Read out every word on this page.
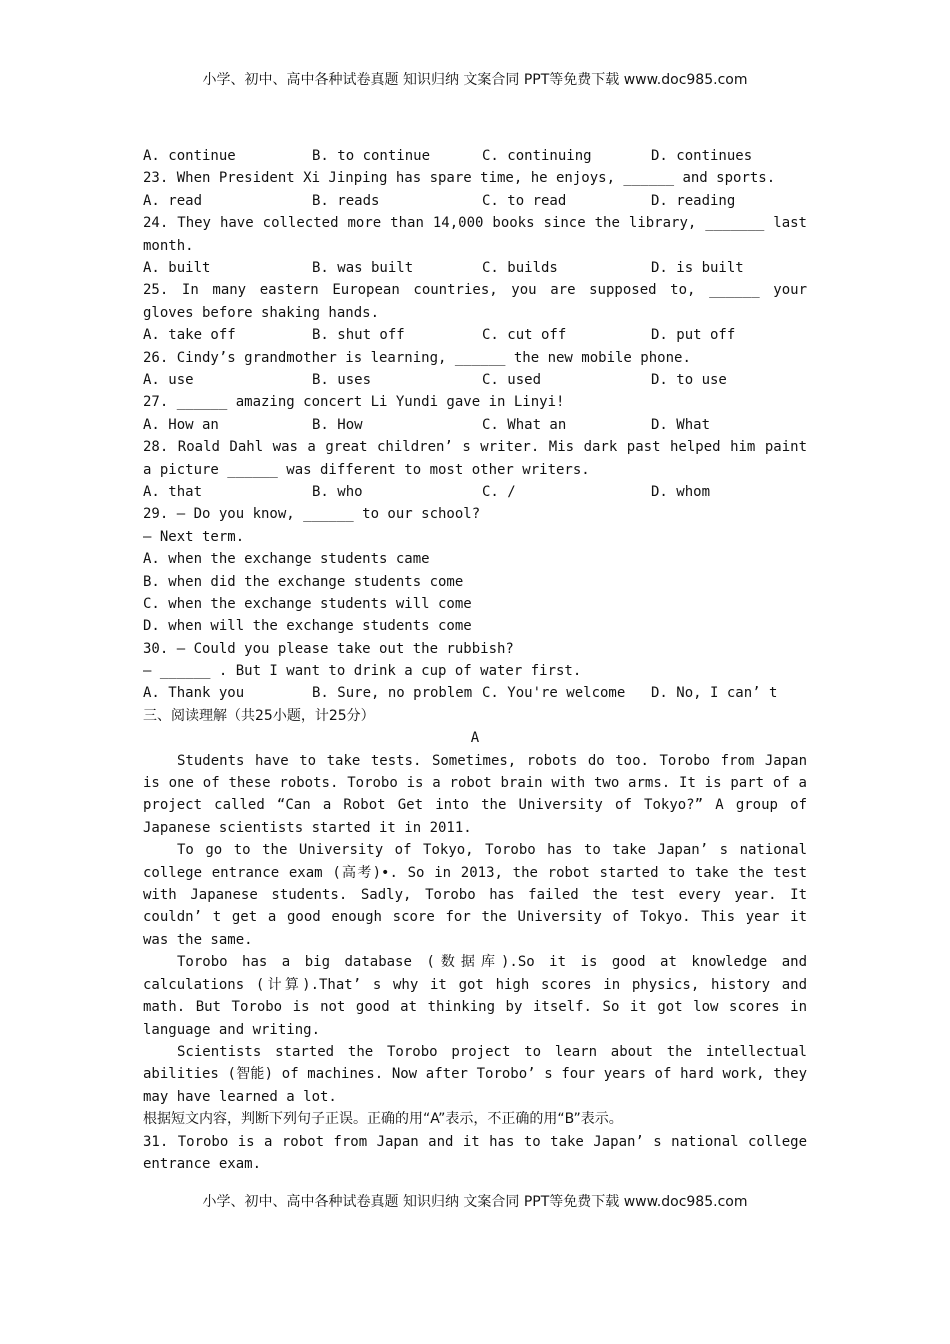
小学、初中、高中各种试卷真题 知识归纳 文案合同 PPT等免费下载 www.doc985.com
A. continue	B. to continue	C. continuing	D. continues
23. When President Xi Jinping has spare time, he enjoys, ______ and sports.
A. read	B. reads	C. to read	D. reading
24. They have collected more than 14,000 books since the library, _______ last month.
A. built	B. was built	C. builds	D. is built
25. In many eastern European countries, you are supposed to, ______ your gloves before shaking hands.
A. take off	B. shut off	C. cut off	D. put off
26. Cindy’s grandmother is learning, ______ the new mobile phone.
A. use	B. uses	C. used	D. to use
27. ______ amazing concert Li Yundi gave in Linyi!
A. How an	B. How	C. What an	D. What
28. Roald Dahl was a great children’ s writer. Mis dark past helped him paint a picture ______ was different to most other writers.
A. that	B. who	C. /	D. whom
29. — Do you know, ______ to our school?
— Next term.
A. when the exchange students came
B. when did the exchange students come
C. when the exchange students will come
D. when will the exchange students come
30. — Could you please take out the rubbish?
— ______ . But I want to drink a cup of water first.
A. Thank you	B. Sure, no problem C. You're welcome	D. No, I can’ t
三、阅读理解（共25小题，计25分）
A
Students have to take tests. Sometimes, robots do too. Torobo from Japan is one of these robots. Torobo is a robot brain with two arms. It is part of a project called “Can a Robot Get into the University of Tokyo?” A group of Japanese scientists started it in 2011.
To go to the University of Tokyo, Torobo has to take Japan’ s national college entrance exam (高考)•. So in 2013, the robot started to take the test with Japanese students. Sadly, Torobo has failed the test every year. It couldn’ t get a good enough score for the University of Tokyo. This year it was the same.
Torobo has a big database (数据库).So it is good at knowledge and calculations (计算).That’ s why it got high scores in physics, history and math. But Torobo is not good at thinking by itself. So it got low scores in language and writing.
Scientists started the Torobo project to learn about the intellectual abilities (智能) of machines. Now after Torobo’ s four years of hard work, they may have learned a lot.
根据短文内容，判断下列句子正误。正确的用“A”表示，不正确的用“B”表示。
31. Torobo is a robot from Japan and it has to take Japan’ s national college entrance exam.
小学、初中、高中各种试卷真题 知识归纳 文案合同 PPT等免费下载 www.doc985.com
